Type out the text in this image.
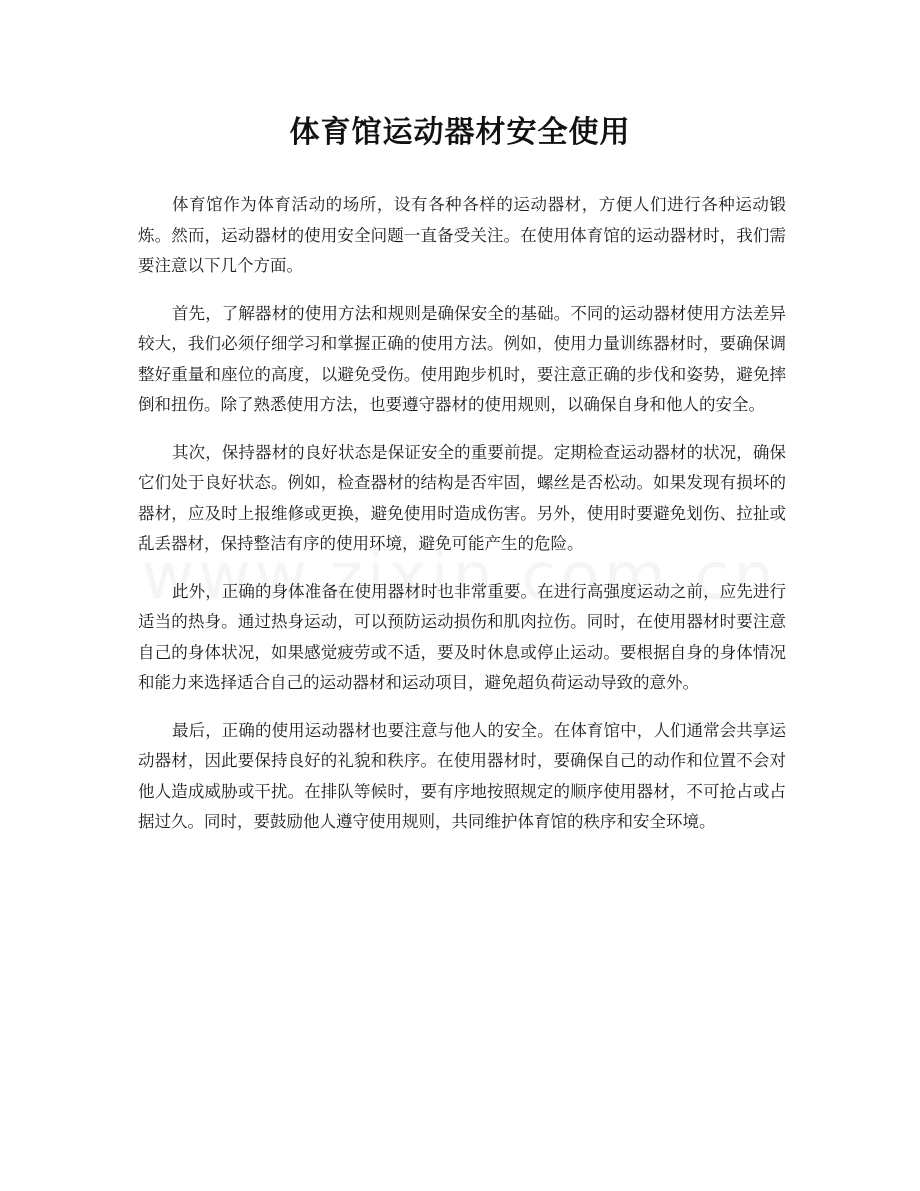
体育馆运动器材安全使用

体育馆作为体育活动的场所，设有各种各样的运动器材，方便人们进行各种运动锻炼。然而，运动器材的使用安全问题一直备受关注。在使用体育馆的运动器材时，我们需要注意以下几个方面。

首先，了解器材的使用方法和规则是确保安全的基础。不同的运动器材使用方法差异较大，我们必须仔细学习和掌握正确的使用方法。例如，使用力量训练器材时，要确保调整好重量和座位的高度，以避免受伤。使用跑步机时，要注意正确的步伐和姿势，避免摔倒和扭伤。除了熟悉使用方法，也要遵守器材的使用规则，以确保自身和他人的安全。

其次，保持器材的良好状态是保证安全的重要前提。定期检查运动器材的状况，确保它们处于良好状态。例如，检查器材的结构是否牢固，螺丝是否松动。如果发现有损坏的器材，应及时上报维修或更换，避免使用时造成伤害。另外，使用时要避免划伤、拉扯或乱丢器材，保持整洁有序的使用环境，避免可能产生的危险。

此外，正确的身体准备在使用器材时也非常重要。在进行高强度运动之前，应先进行适当的热身。通过热身运动，可以预防运动损伤和肌肉拉伤。同时，在使用器材时要注意自己的身体状况，如果感觉疲劳或不适，要及时休息或停止运动。要根据自身的身体情况和能力来选择适合自己的运动器材和运动项目，避免超负荷运动导致的意外。

最后，正确的使用运动器材也要注意与他人的安全。在体育馆中，人们通常会共享运动器材，因此要保持良好的礼貌和秩序。在使用器材时，要确保自己的动作和位置不会对他人造成威胁或干扰。在排队等候时，要有序地按照规定的顺序使用器材，不可抢占或占据过久。同时，要鼓励他人遵守使用规则，共同维护体育馆的秩序和安全环境。
